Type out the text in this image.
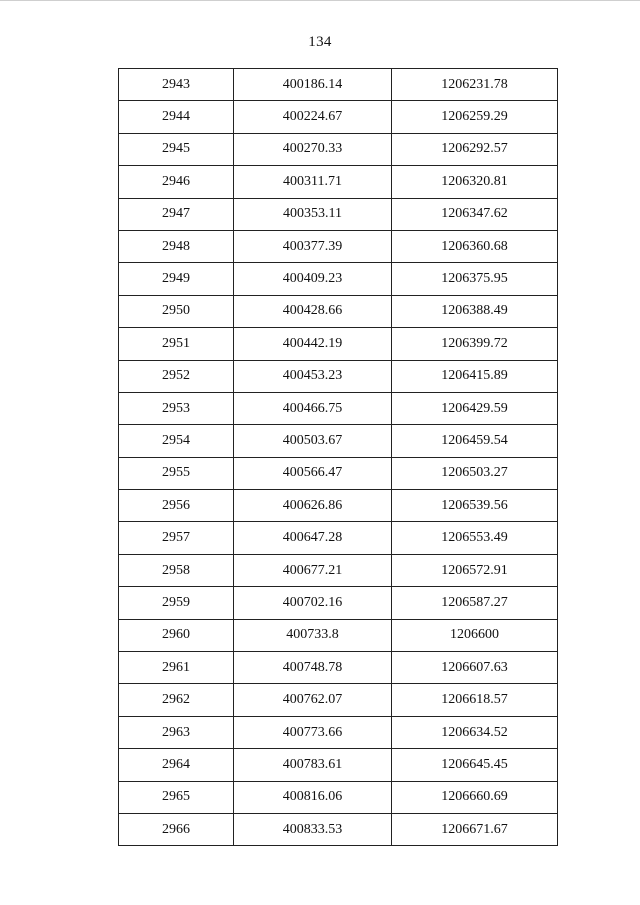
134
2943	400186.14	1206231.78
2944	400224.67	1206259.29
2945	400270.33	1206292.57
2946	400311.71	1206320.81
2947	400353.11	1206347.62
2948	400377.39	1206360.68
2949	400409.23	1206375.95
2950	400428.66	1206388.49
2951	400442.19	1206399.72
2952	400453.23	1206415.89
2953	400466.75	1206429.59
2954	400503.67	1206459.54
2955	400566.47	1206503.27
2956	400626.86	1206539.56
2957	400647.28	1206553.49
2958	400677.21	1206572.91
2959	400702.16	1206587.27
2960	400733.8	1206600
2961	400748.78	1206607.63
2962	400762.07	1206618.57
2963	400773.66	1206634.52
2964	400783.61	1206645.45
2965	400816.06	1206660.69
2966	400833.53	1206671.67
